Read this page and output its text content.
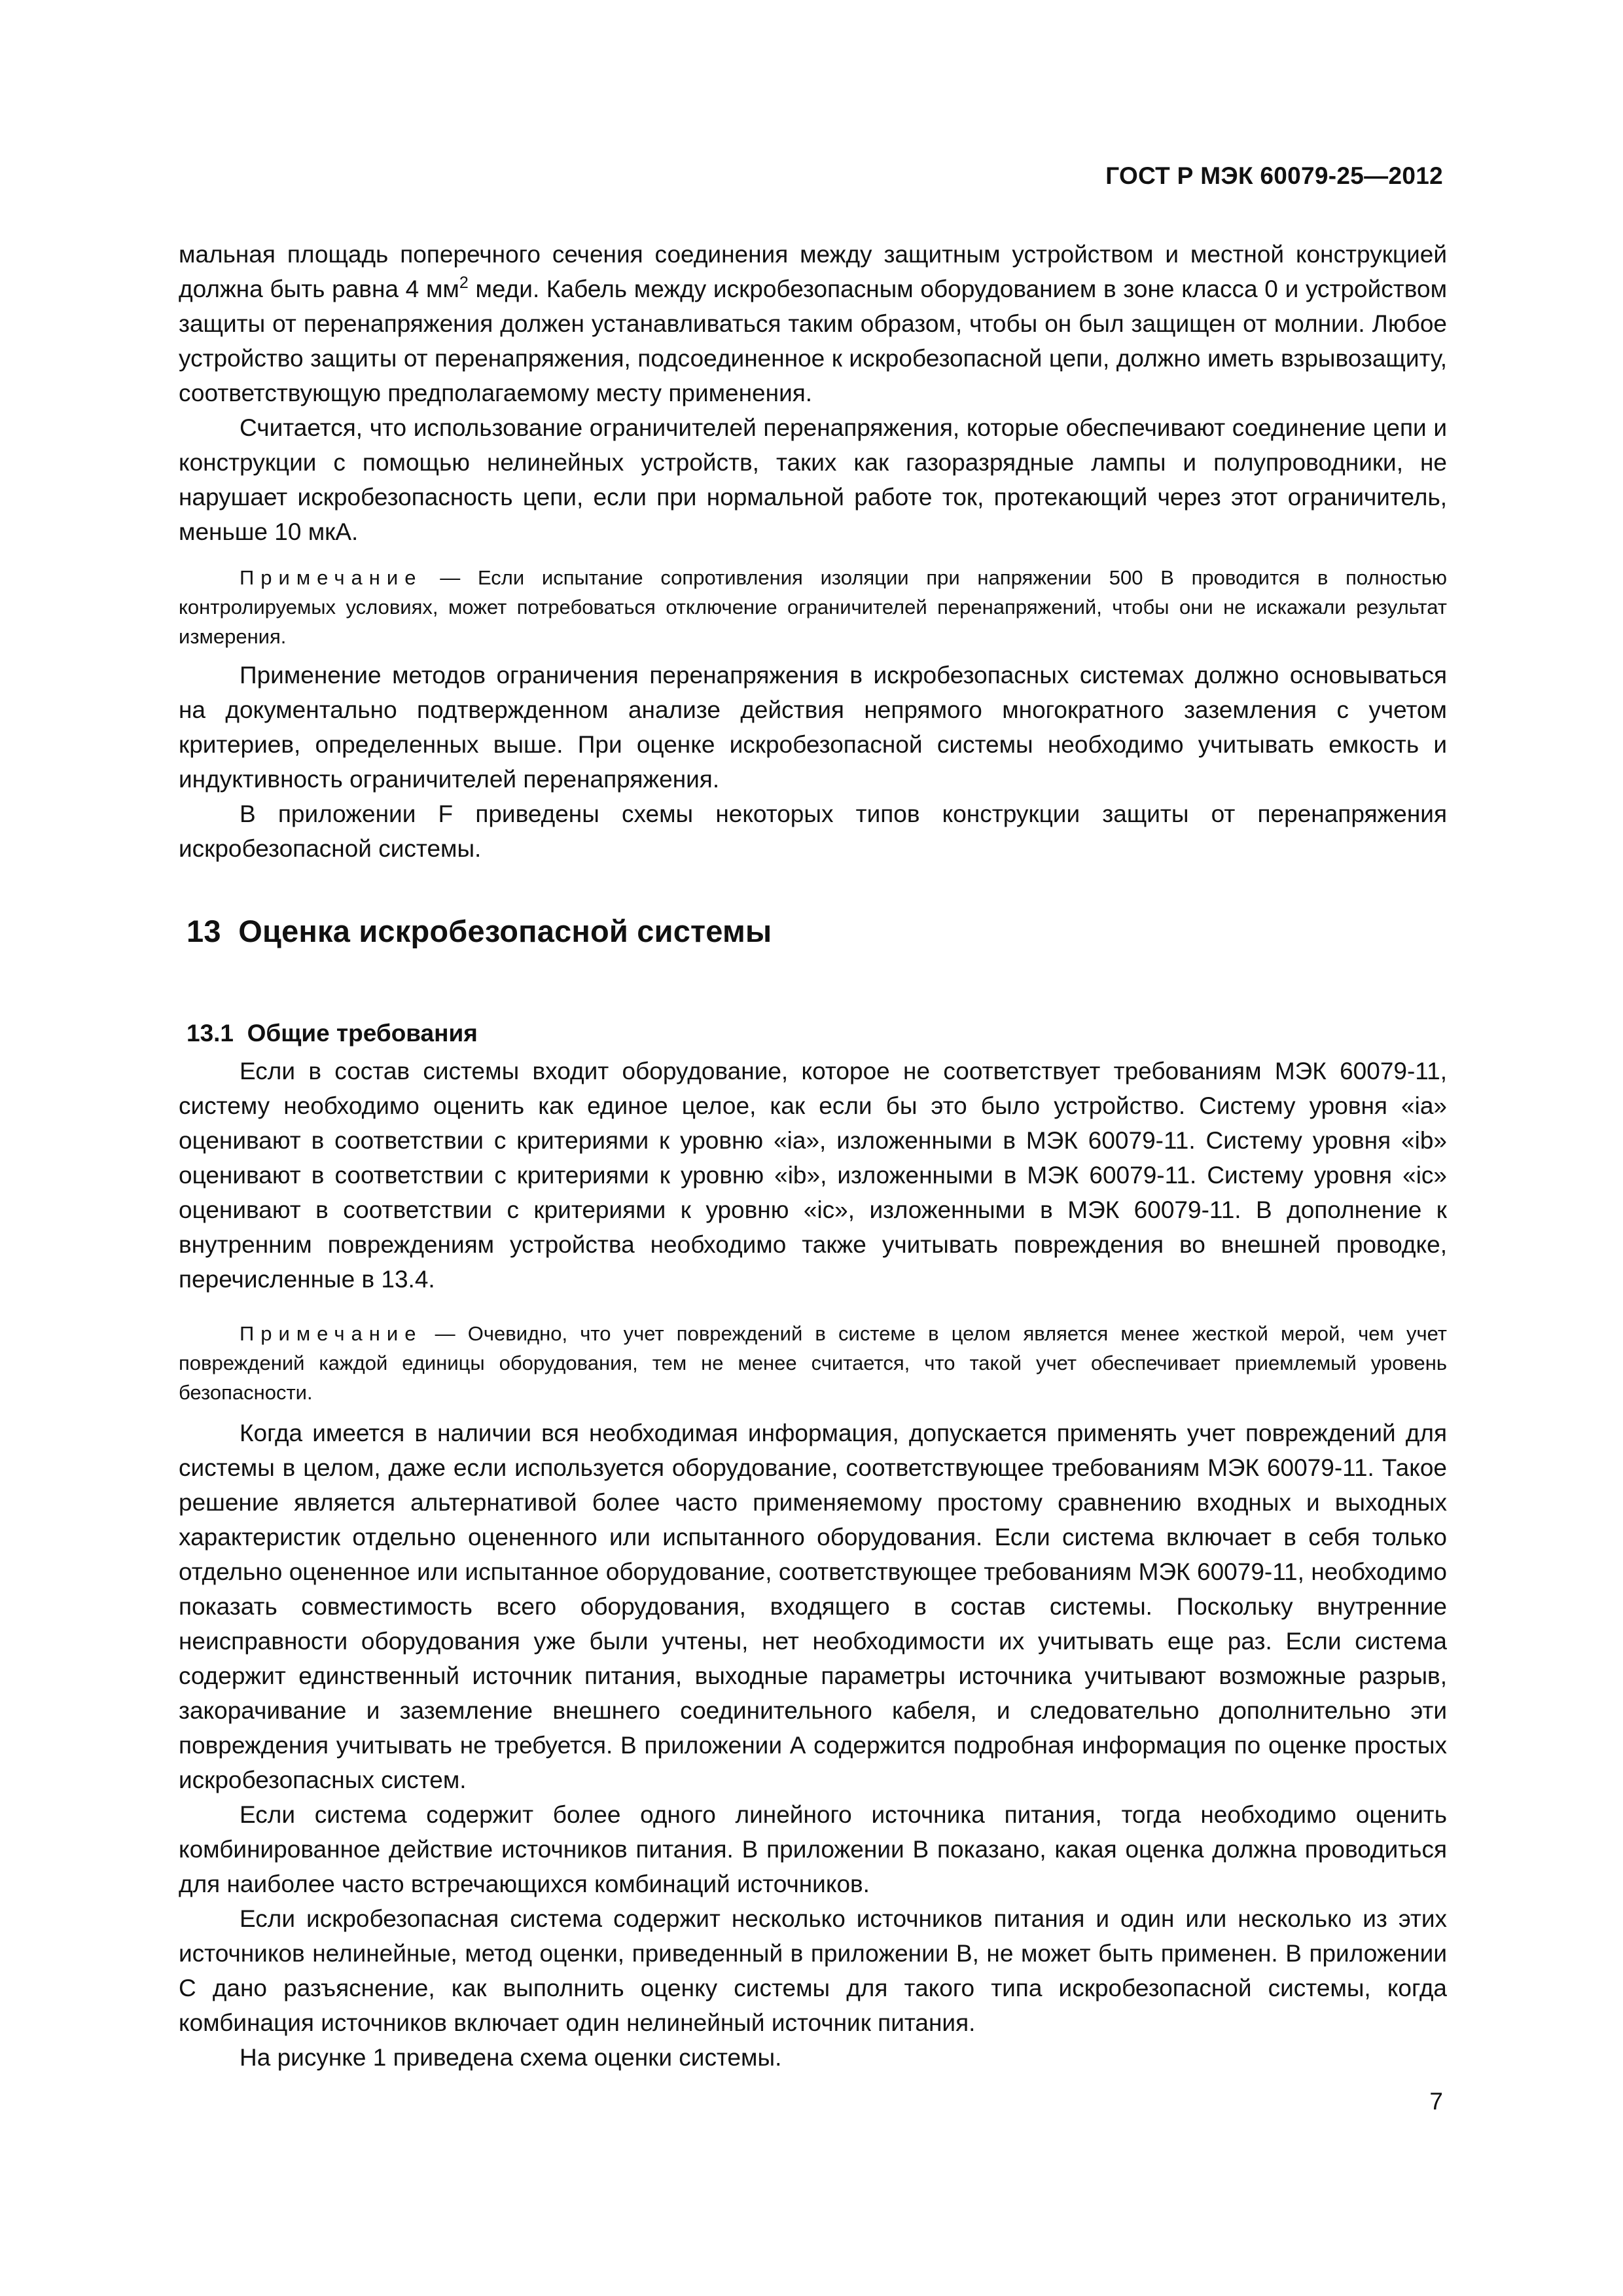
ГОСТ Р МЭК 60079-25—2012

мальная площадь поперечного сечения соединения между защитным устройством и местной конструкцией должна быть равна 4 $мм^2$ меди. Кабель между искробезопасным оборудованием в зоне класса 0 и устройством защиты от перенапряжения должен устанавливаться таким образом, чтобы он был защищен от молнии. Любое устройство защиты от перенапряжения, подсоединенное к искробезопасной цепи, должно иметь взрывозащиту, соответствующую предполагаемому месту применения.

Считается, что использование ограничителей перенапряжения, которые обеспечивают соединение цепи и конструкции с помощью нелинейных устройств, таких как газоразрядные лампы и полупроводники, не нарушает искробезопасность цепи, если при нормальной работе ток, протекающий через этот ограничитель, меньше 10 мкА.

Примечание — Если испытание сопротивления изоляции при напряжении 500 В проводится в полностью контролируемых условиях, может потребоваться отключение ограничителей перенапряжений, чтобы они не искажали результат измерения.

Применение методов ограничения перенапряжения в искробезопасных системах должно основываться на документально подтвержденном анализе действия непрямого многократного заземления с учетом критериев, определенных выше. При оценке искробезопасной системы необходимо учитывать емкость и индуктивность ограничителей перенапряжения.

В приложении F приведены схемы некоторых типов конструкции защиты от перенапряжения искробезопасной системы.

13 Оценка искробезопасной системы
13.1 Общие требования

Если в состав системы входит оборудование, которое не соответствует требованиям МЭК 60079-11, систему необходимо оценить как единое целое, как если бы это было устройство. Систему уровня «ia» оценивают в соответствии с критериями к уровню «ia», изложенными в МЭК 60079-11. Систему уровня «ib» оценивают в соответствии с критериями к уровню «ib», изложенными в МЭК 60079-11. Систему уровня «ic» оценивают в соответствии с критериями к уровню «ic», изложенными в МЭК 60079-11. В дополнение к внутренним повреждениям устройства необходимо также учитывать повреждения во внешней проводке, перечисленные в 13.4.

Примечание — Очевидно, что учет повреждений в системе в целом является менее жесткой мерой, чем учет повреждений каждой единицы оборудования, тем не менее считается, что такой учет обеспечивает приемлемый уровень безопасности.

Когда имеется в наличии вся необходимая информация, допускается применять учет повреждений для системы в целом, даже если используется оборудование, соответствующее требованиям МЭК 60079-11. Такое решение является альтернативой более часто применяемому простому сравнению входных и выходных характеристик отдельно оцененного или испытанного оборудования. Если система включает в себя только отдельно оцененное или испытанное оборудование, соответствующее требованиям МЭК 60079-11, необходимо показать совместимость всего оборудования, входящего в состав системы. Поскольку внутренние неисправности оборудования уже были учтены, нет необходимости их учитывать еще раз. Если система содержит единственный источник питания, выходные параметры источника учитывают возможные разрыв, закорачивание и заземление внешнего соединительного кабеля, и следовательно дополнительно эти повреждения учитывать не требуется. В приложении А содержится подробная информация по оценке простых искробезопасных систем.

Если система содержит более одного линейного источника питания, тогда необходимо оценить комбинированное действие источников питания. В приложении В показано, какая оценка должна проводиться для наиболее часто встречающихся комбинаций источников.

Если искробезопасная система содержит несколько источников питания и один или несколько из этих источников нелинейные, метод оценки, приведенный в приложении В, не может быть применен. В приложении С дано разъяснение, как выполнить оценку системы для такого типа искробезопасной системы, когда комбинация источников включает один нелинейный источник питания.

На рисунке 1 приведена схема оценки системы.

7
